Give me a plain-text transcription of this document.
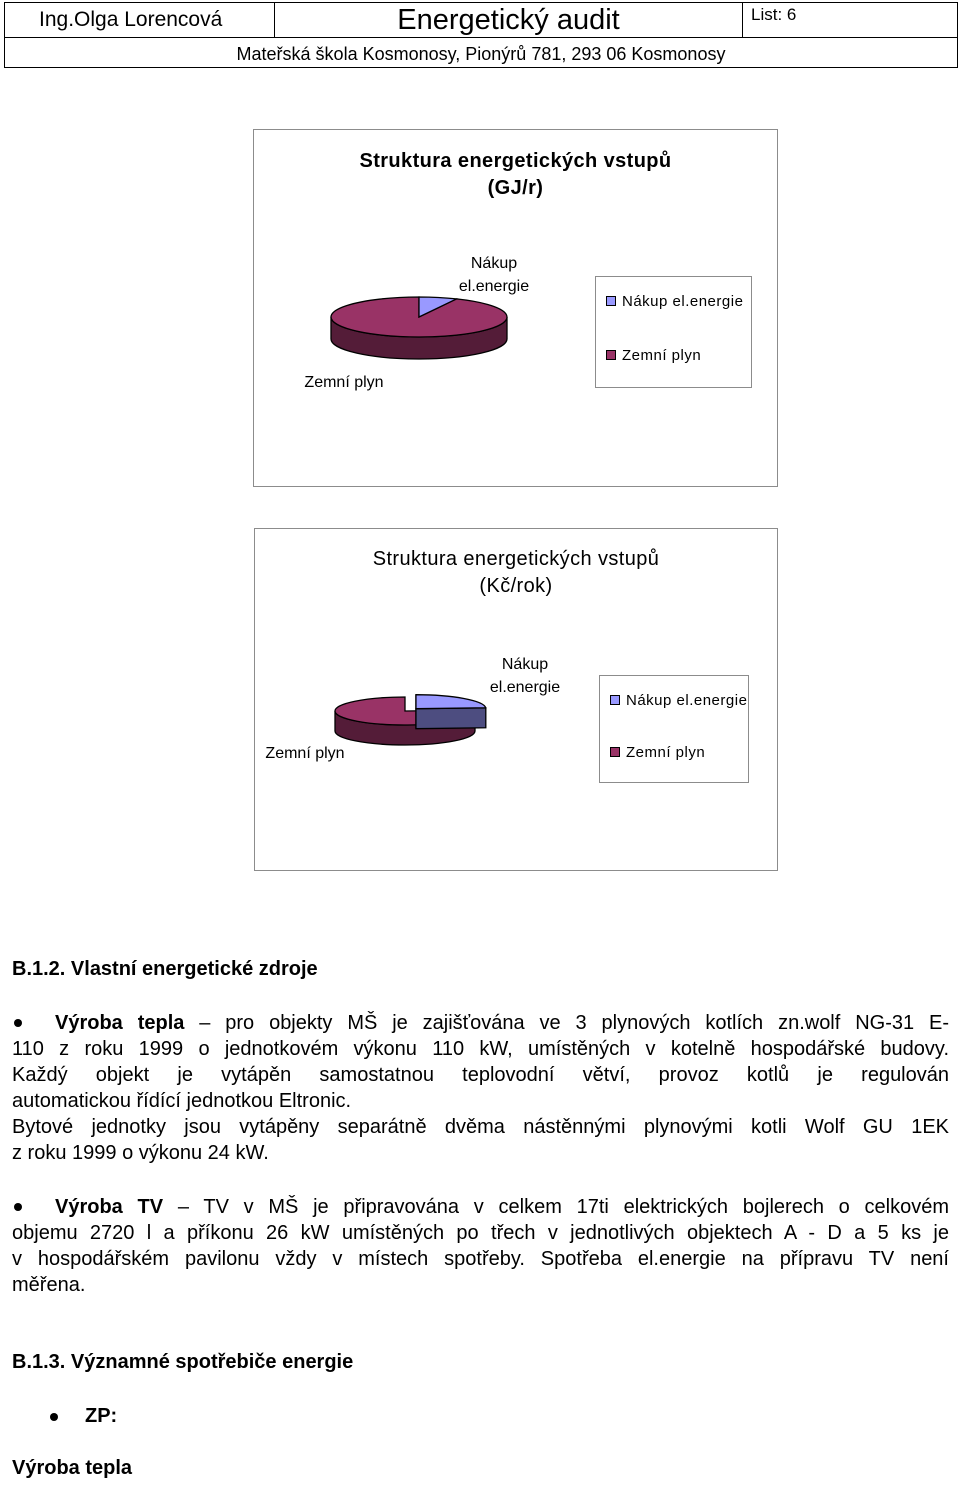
Ing.Olga Lorencová	Energetický audit	List: 6
Mateřská škola Kosmonosy, Pionýrů 781, 293 06 Kosmonosy
Struktura energetických vstupů
(GJ/r)
Nákup
el.energie
Zemní plyn
Nákup el.energie
Zemní plyn
Struktura energetických vstupů
(Kč/rok)
Nákup
el.energie
Zemní plyn
Nákup el.energie
Zemní plyn
B.1.2. Vlastní energetické zdroje
Výroba tepla – pro objekty MŠ je zajišťována ve 3 plynových kotlích zn.wolf NG-31 E-
110 z roku 1999 o jednotkovém výkonu 110 kW, umístěných v kotelně hospodářské budovy.
Každý objekt je vytápěn samostatnou teplovodní větví, provoz kotlů je regulován
automatickou řídící jednotkou Eltronic.
Bytové jednotky jsou vytápěny separátně dvěma nástěnnými plynovými kotli Wolf GU 1EK
z roku 1999 o výkonu 24 kW.
Výroba TV – TV v MŠ je připravována v celkem 17ti elektrických bojlerech o celkovém
objemu 2720 l a příkonu 26 kW umístěných po třech v jednotlivých objektech A - D a 5 ks je
v hospodářském pavilonu vždy v místech spotřeby. Spotřeba el.energie na přípravu TV není
měřena.
B.1.3. Významné spotřebiče energie
ZP:
Výroba tepla
